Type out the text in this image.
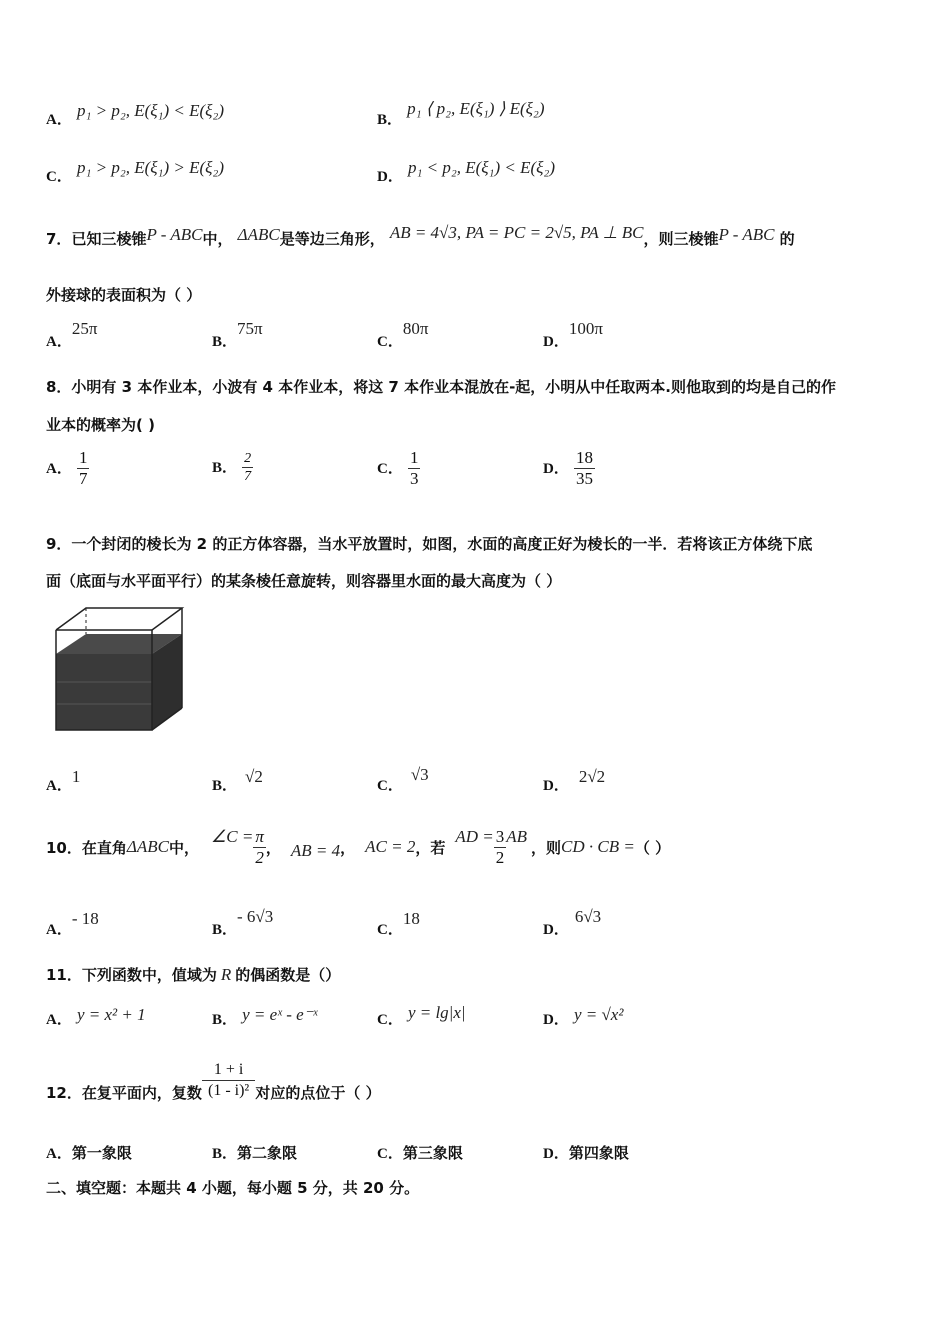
A． p₁ > p₂, E(ξ₁) < E(ξ₂)	B． p₁ ⟨ p₂, E(ξ₁) ⟩ E(ξ₂)
C． p₁ > p₂, E(ξ₁) > E(ξ₂)	D． p₁ < p₂, E(ξ₁) < E(ξ₂)
7．已知三棱锥P - ABC中， ΔABC是等边三角形， AB = 4√3, PA = PC = 2√5, PA ⊥ BC，则三棱锥P - ABC 的
外接球的表面积为（ ）
A．25π
B．75π
C．80π
D．100π
8．小明有 3 本作业本，小波有 4 本作业本，将这 7 本作业本混放在-起，小明从中任取两本.则他取到的均是自己的作
业本的概率为( )
A． $\frac{1}{7}$	B． $\frac{2}{7}$	C． $\frac{1}{3}$	D． $\frac{18}{35}$
9．一个封闭的棱长为 2 的正方体容器，当水平放置时，如图，水面的高度正好为棱长的一半．若将该正方体绕下底
面（底面与水平面平行）的某条棱任意旋转，则容器里水面的最大高度为（ ）
A．1	B． √2	C．√3
D． 2√2
10． 在直角 ΔABC 中，
∠C = $\frac{\pi}{2}$ ， AB = 4 ， AC = 2 ，若
AD = $\frac{3}{2}$ AB
，则 CD · CB = （ ）
A．- 18
B．- 6√3
C．18
D．6√3
11．下列函数中，值域为 R 的偶函数是（）
A． y = x² + 1	B． y = eˣ - e⁻ˣ	C． y = lg|x|	D． y = √x²
12．在复平面内，复数 $\frac{1 + i}{\text{(1 - i)²}}$ 对应的点位于（ ）
A．第一象限	B．第二象限	C．第三象限	D．第四象限
二、填空题：本题共 4 小题，每小题 5 分，共 20 分。
